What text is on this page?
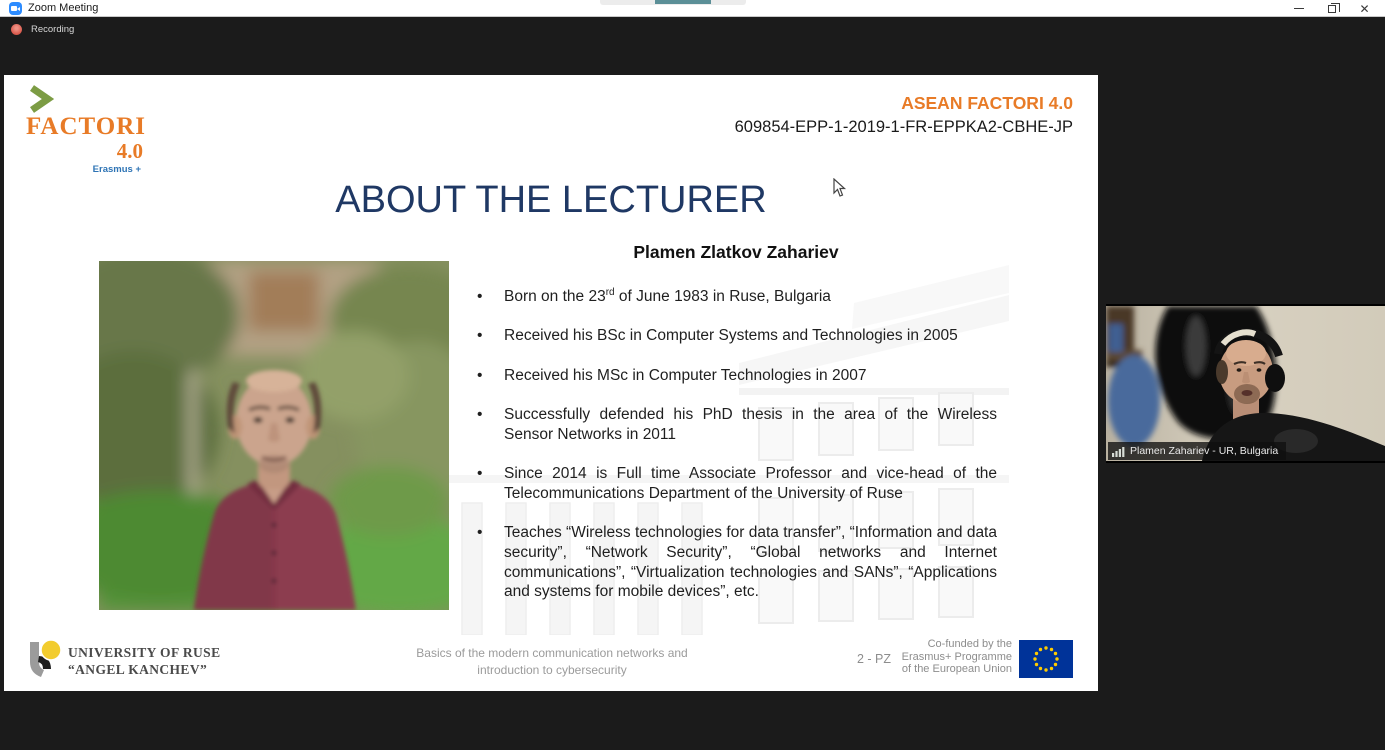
Zoom Meeting	✕
Recording
FACTORI
4.0
Erasmus +
ASEAN FACTORI 4.0
609854-EPP-1-2019-1-FR-EPPKA2-CBHE-JP
ABOUT THE LECTURER
Plamen Zlatkov Zahariev
•	Born on the 23rd of June 1983 in Ruse, Bulgaria
•	Received his BSc in Computer Systems and Technologies in 2005
•	Received his MSc in Computer Technologies in 2007
•	Successfully defended his PhD thesis in the area of the Wireless Sensor Networks in 2011
•	Since 2014 is Full time Associate Professor and vice-head of the Telecommunications Department of the University of Ruse
•	Teaches “Wireless technologies for data transfer”, “Information and data security”, “Network Security”, “Global networks and Internet communications”, “Virtualization technologies and SANs”, “Applications and systems for mobile devices”, etc.
UNIVERSITY OF RUSE
“ANGEL KANCHEV”
Basics of the modern communication networks and
introduction to cybersecurity
2 - PZ
Co-funded by the
Erasmus+ Programme
of the European Union
Plamen Zahariev - UR, Bulgaria
